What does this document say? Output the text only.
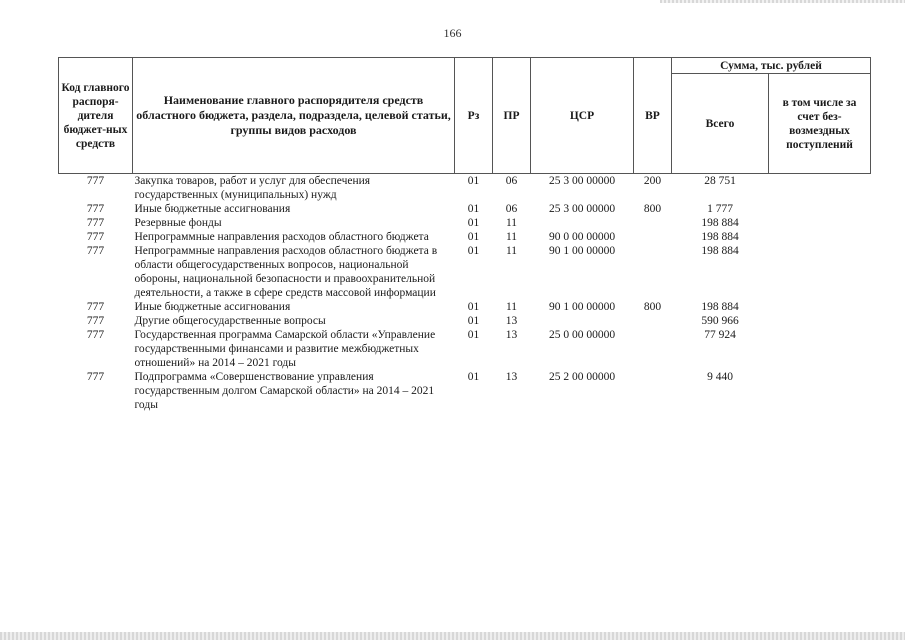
166
Код главного распоря-дителя бюджет-ных средств	Наименование главного распорядителя средств областного бюджета, раздела, подраздела, целевой статьи, группы видов расходов	Рз	ПР	ЦСР	ВР	Сумма, тыс. рублей	
						Всего	в том числе за счет без-возмездных поступлений
777	Закупка товаров, работ и услуг для обеспечения государственных (муниципальных) нужд	01	06	25 3 00 00000	200	28 751	
777	Иные бюджетные ассигнования	01	06	25 3 00 00000	800	1 777	
777	Резервные фонды	01	11			198 884	
777	Непрограммные направления расходов областного бюджета	01	11	90 0 00 00000		198 884	
777	Непрограммные направления расходов областного бюджета в области общегосударственных вопросов, национальной обороны, национальной безопасности и правоохранительной деятельности, а также в сфере средств массовой информации	01	11	90 1 00 00000		198 884	
777	Иные бюджетные ассигнования	01	11	90 1 00 00000	800	198 884	
777	Другие общегосударственные вопросы	01	13			590 966	
777	Государственная программа Самарской области «Управление государственными финансами и развитие межбюджетных отношений» на 2014 – 2021 годы	01	13	25 0 00 00000		77 924	
777	Подпрограмма «Совершенствование управления государственным долгом Самарской области» на 2014 – 2021 годы	01	13	25 2 00 00000		9 440	
